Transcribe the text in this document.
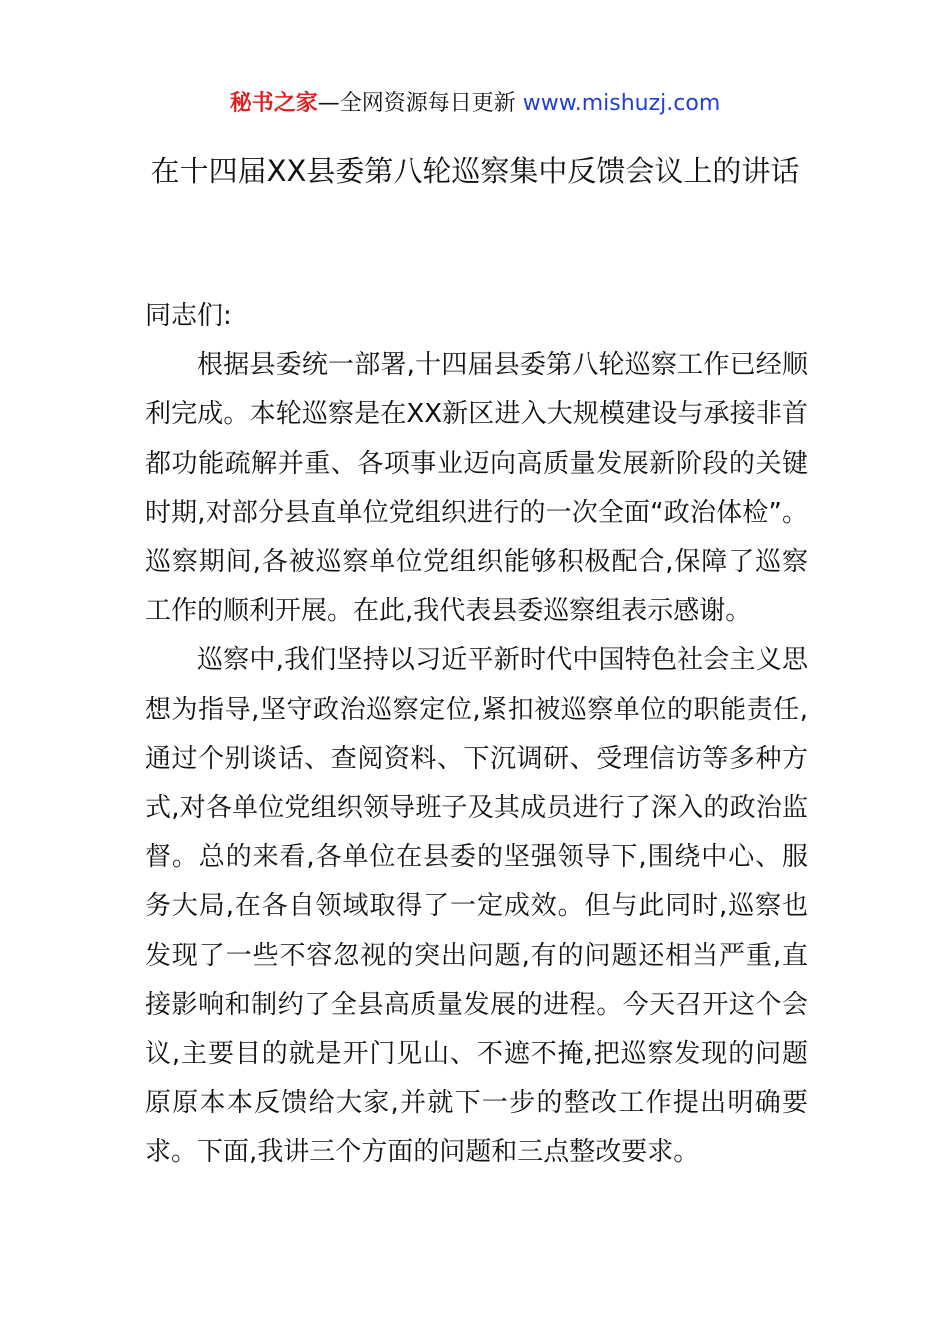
秘书之家—全网资源每日更新 www.mishuzj.com
在十四届XX县委第八轮巡察集中反馈会议上的讲话

同志们:

根据县委统一部署,十四届县委第八轮巡察工作已经顺利完成。本轮巡察是在XX新区进入大规模建设与承接非首都功能疏解并重、各项事业迈向高质量发展新阶段的关键时期,对部分县直单位党组织进行的一次全面“政治体检”。巡察期间,各被巡察单位党组织能够积极配合,保障了巡察工作的顺利开展。在此,我代表县委巡察组表示感谢。

巡察中,我们坚持以习近平新时代中国特色社会主义思想为指导,坚守政治巡察定位,紧扣被巡察单位的职能责任,通过个别谈话、查阅资料、下沉调研、受理信访等多种方式,对各单位党组织领导班子及其成员进行了深入的政治监督。总的来看,各单位在县委的坚强领导下,围绕中心、服务大局,在各自领域取得了一定成效。但与此同时,巡察也发现了一些不容忽视的突出问题,有的问题还相当严重,直接影响和制约了全县高质量发展的进程。今天召开这个会议,主要目的就是开门见山、不遮不掩,把巡察发现的问题原原本本反馈给大家,并就下一步的整改工作提出明确要求。下面,我讲三个方面的问题和三点整改要求。
